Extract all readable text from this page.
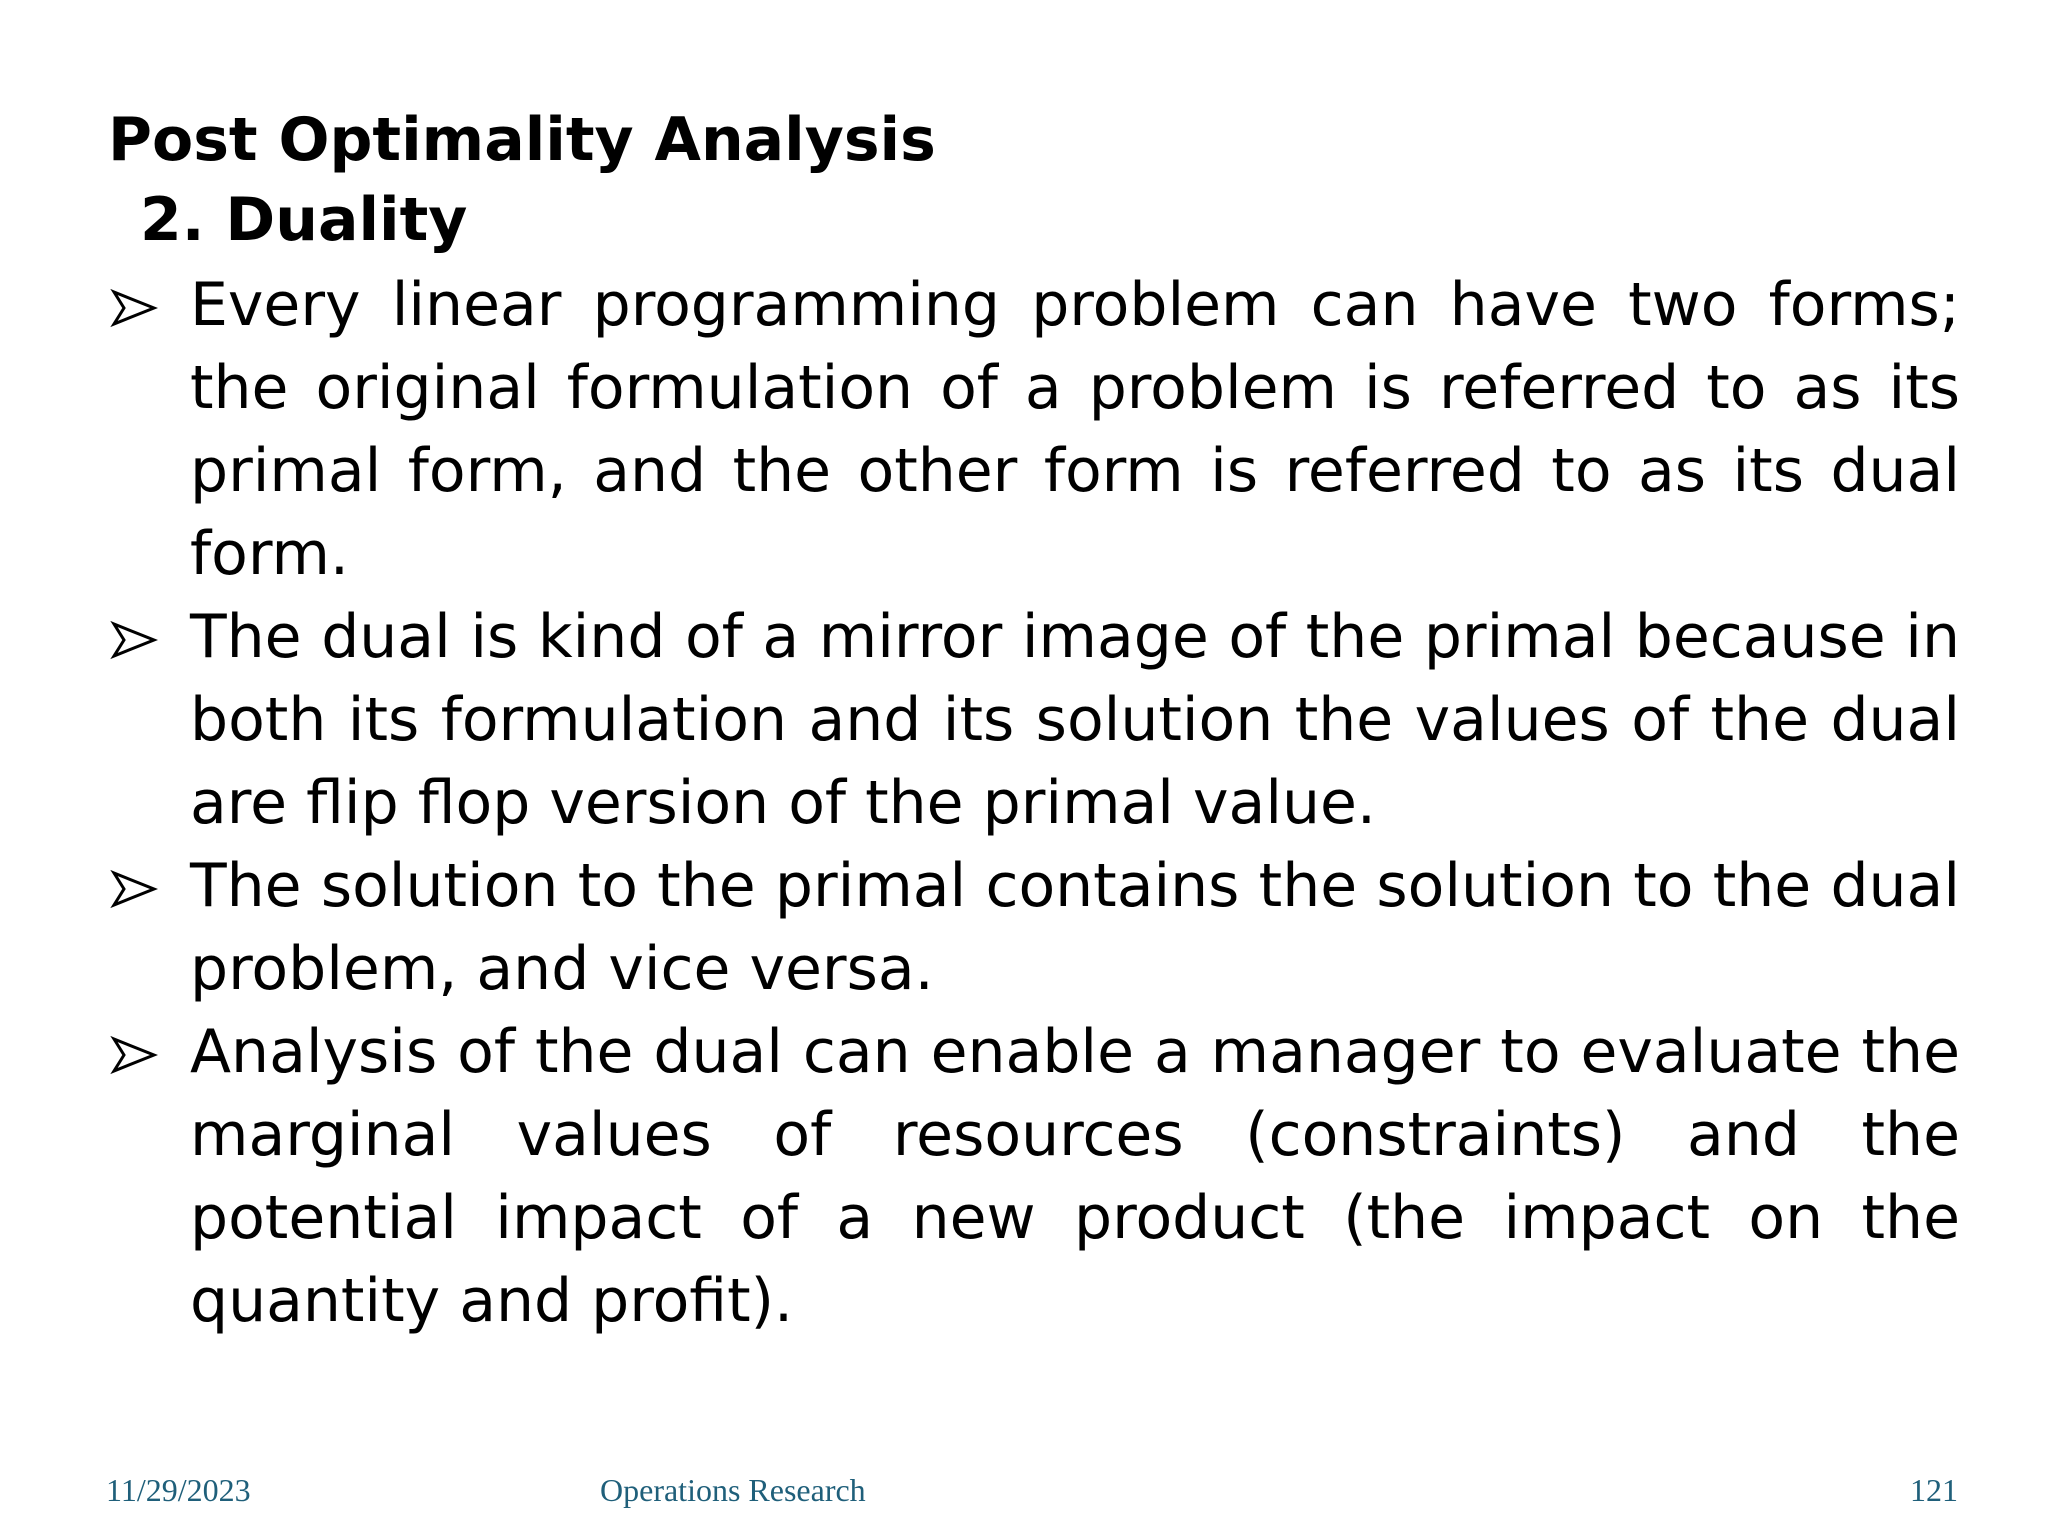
Post Optimality Analysis
2. Duality
Every linear programming problem can have two forms; the original formulation of a problem is referred to as its primal form, and the other form is referred to as its dual form.
The dual is kind of a mirror image of the primal because in both its formulation and its solution the values of the dual are flip flop version of the primal value.
The solution to the primal contains the solution to the dual problem, and vice versa.
Analysis of the dual can enable a manager to evaluate the marginal values of resources (constraints) and the potential impact of a new product (the impact on the quantity and profit).
11/29/2023	Operations Research	121
